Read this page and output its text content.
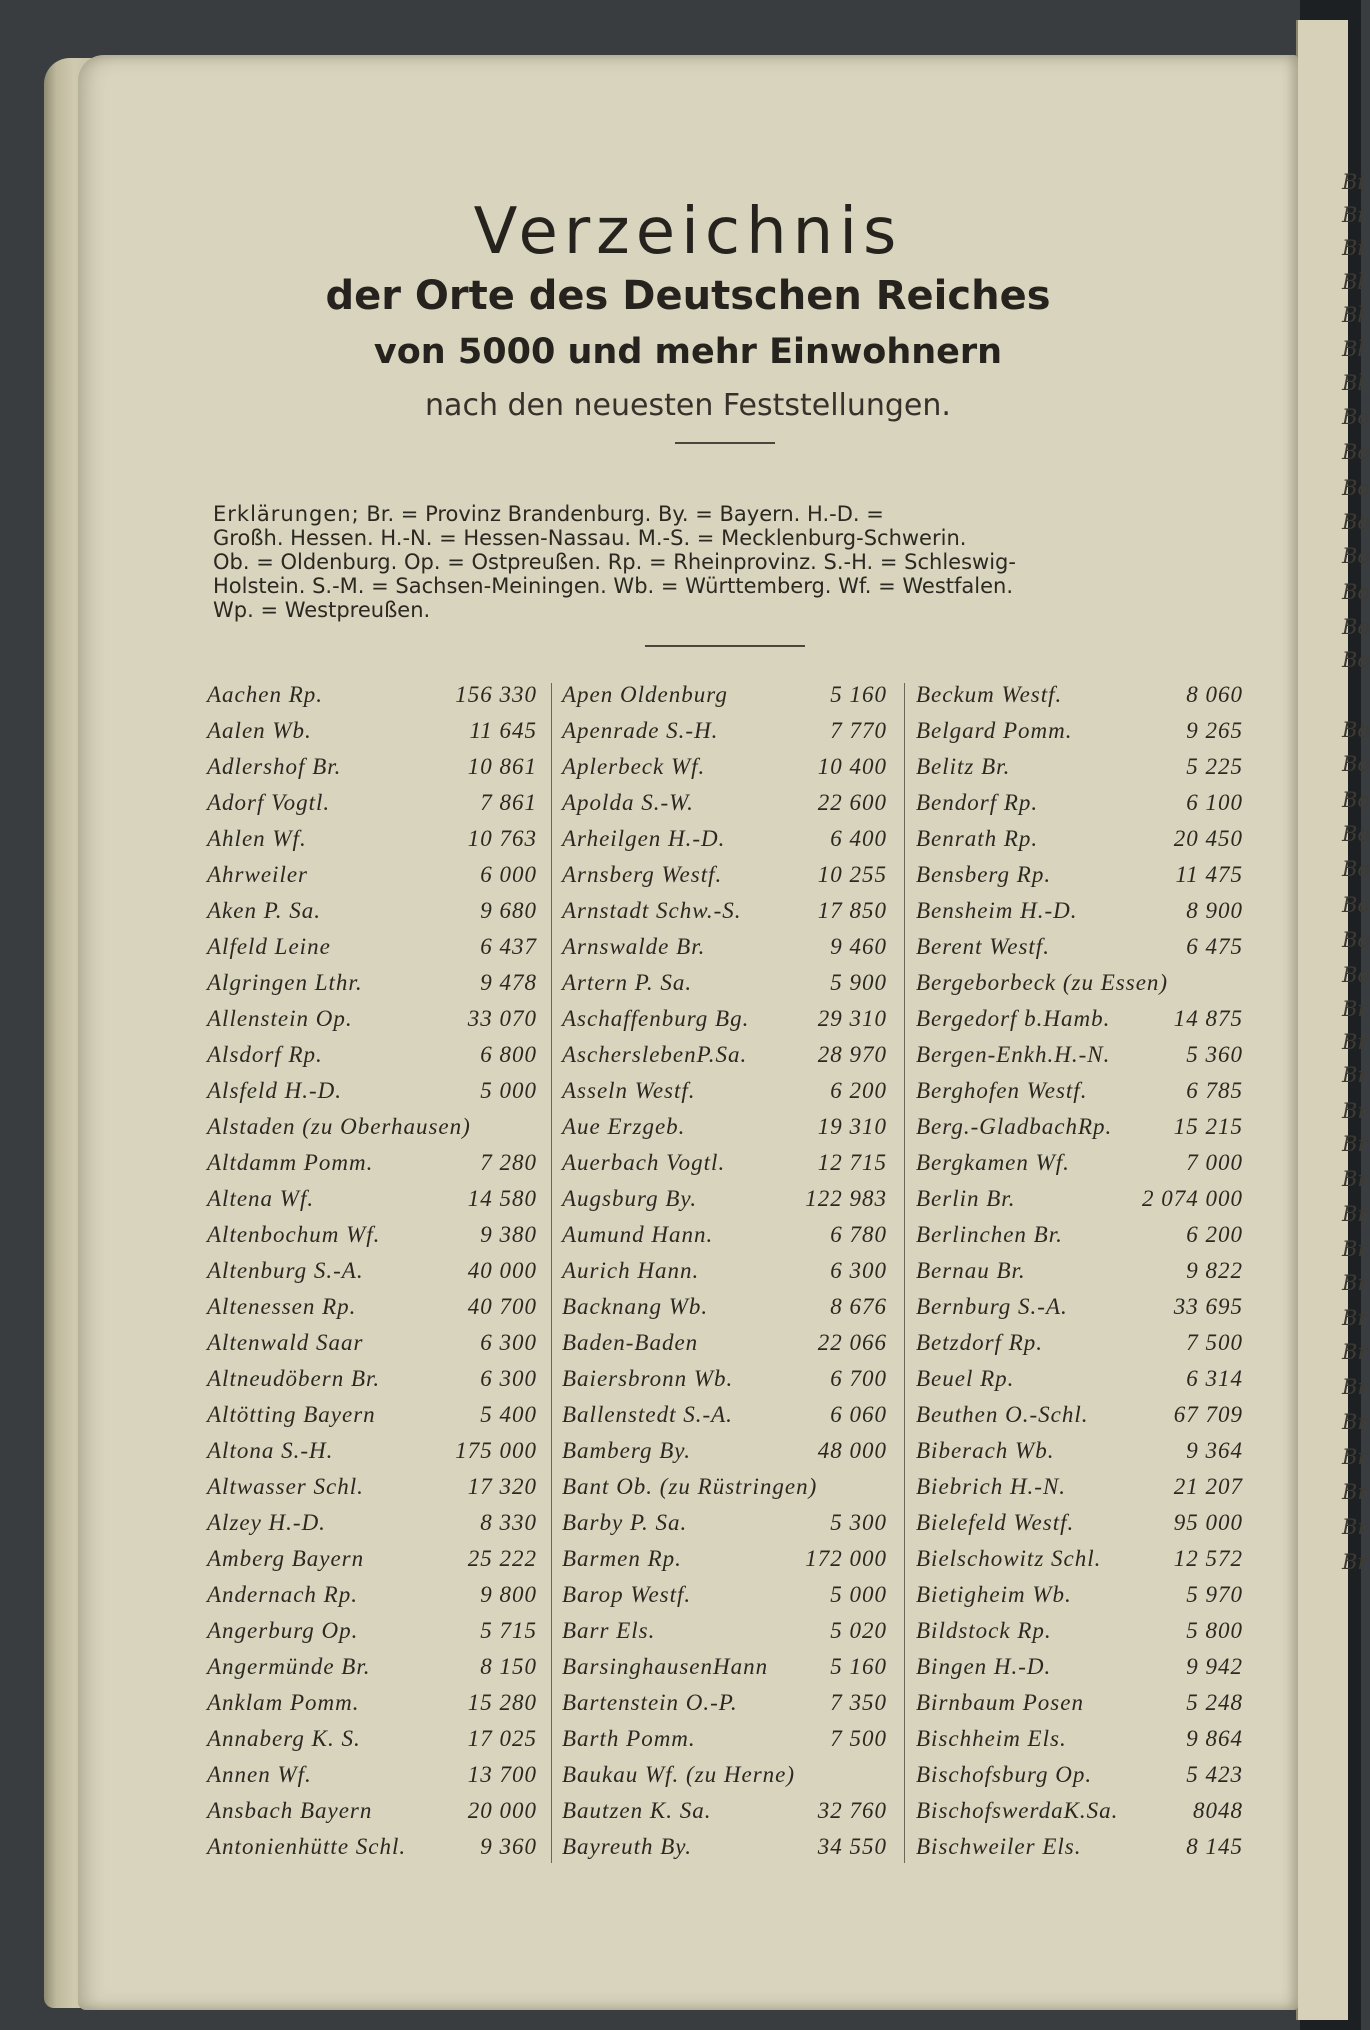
Bi
Bi
Bi
Bl
Bl
Bl
Bl
Bo
Bo
Bo
Bo
Bo
Bo
Bo
Bo
Bo
Bo
Bo
Bo
Bo
Bo
Bo
Bo
Br
Br
Br
Br
Br
Br
Br
Br
Br
Br
Br
Br
Br
Br
Br
Br
Br
Verzeichnis
der Orte des Deutschen Reiches
von 5000 und mehr Einwohnern
nach den neuesten Feststellungen.
Erklärungen; Br. = Provinz Brandenburg. By. = Bayern. H.-D. =
Großh. Hessen. H.-N. = Hessen-Nassau. M.-S. = Mecklenburg-Schwerin.
Ob. = Oldenburg. Op. = Ostpreußen. Rp. = Rheinprovinz. S.-H. = Schleswig-
Holstein. S.-M. = Sachsen-Meiningen. Wb. = Württemberg. Wf. = Westfalen.
Wp. = Westpreußen.
Aachen Rp.	156 330
Aalen Wb.	11 645
Adlershof Br.	10 861
Adorf Vogtl.	7 861
Ahlen Wf.	10 763
Ahrweiler	6 000
Aken P. Sa.	9 680
Alfeld Leine	6 437
Algringen Lthr.	9 478
Allenstein Op.	33 070
Alsdorf Rp.	6 800
Alsfeld H.-D.	5 000
Alstaden (zu Oberhausen)
Altdamm Pomm.	7 280
Altena Wf.	14 580
Altenbochum Wf.	9 380
Altenburg S.-A.	40 000
Altenessen Rp.	40 700
Altenwald Saar	6 300
Altneudöbern Br.	6 300
Altötting Bayern	5 400
Altona S.-H.	175 000
Altwasser Schl.	17 320
Alzey H.-D.	8 330
Amberg Bayern	25 222
Andernach Rp.	9 800
Angerburg Op.	5 715
Angermünde Br.	8 150
Anklam Pomm.	15 280
Annaberg K. S.	17 025
Annen Wf.	13 700
Ansbach Bayern	20 000
Antonienhütte Schl.	9 360
Apen Oldenburg	5 160
Apenrade S.-H.	7 770
Aplerbeck Wf.	10 400
Apolda S.-W.	22 600
Arheilgen H.-D.	6 400
Arnsberg Westf.	10 255
Arnstadt Schw.-S.	17 850
Arnswalde Br.	9 460
Artern P. Sa.	5 900
Aschaffenburg Bg.	29 310
AscherslebenP.Sa.	28 970
Asseln Westf.	6 200
Aue Erzgeb.	19 310
Auerbach Vogtl.	12 715
Augsburg By.	122 983
Aumund Hann.	6 780
Aurich Hann.	6 300
Backnang Wb.	8 676
Baden-Baden	22 066
Baiersbronn Wb.	6 700
Ballenstedt S.-A.	6 060
Bamberg By.	48 000
Bant Ob. (zu Rüstringen)
Barby P. Sa.	5 300
Barmen Rp.	172 000
Barop Westf.	5 000
Barr Els.	5 020
BarsinghausenHann	5 160
Bartenstein O.-P.	7 350
Barth Pomm.	7 500
Baukau Wf. (zu Herne)
Bautzen K. Sa.	32 760
Bayreuth By.	34 550
Beckum Westf.	8 060
Belgard Pomm.	9 265
Belitz Br.	5 225
Bendorf Rp.	6 100
Benrath Rp.	20 450
Bensberg Rp.	11 475
Bensheim H.-D.	8 900
Berent Westf.	6 475
Bergeborbeck (zu Essen)
Bergedorf b.Hamb.	14 875
Bergen-Enkh.H.-N.	5 360
Berghofen Westf.	6 785
Berg.-GladbachRp.	15 215
Bergkamen Wf.	7 000
Berlin Br.	2 074 000
Berlinchen Br.	6 200
Bernau Br.	9 822
Bernburg S.-A.	33 695
Betzdorf Rp.	7 500
Beuel Rp.	6 314
Beuthen O.-Schl.	67 709
Biberach Wb.	9 364
Biebrich H.-N.	21 207
Bielefeld Westf.	95 000
Bielschowitz Schl.	12 572
Bietigheim Wb.	5 970
Bildstock Rp.	5 800
Bingen H.-D.	9 942
Birnbaum Posen	5 248
Bischheim Els.	9 864
Bischofsburg Op.	5 423
BischofswerdaK.Sa.	8048
Bischweiler Els.	8 145
